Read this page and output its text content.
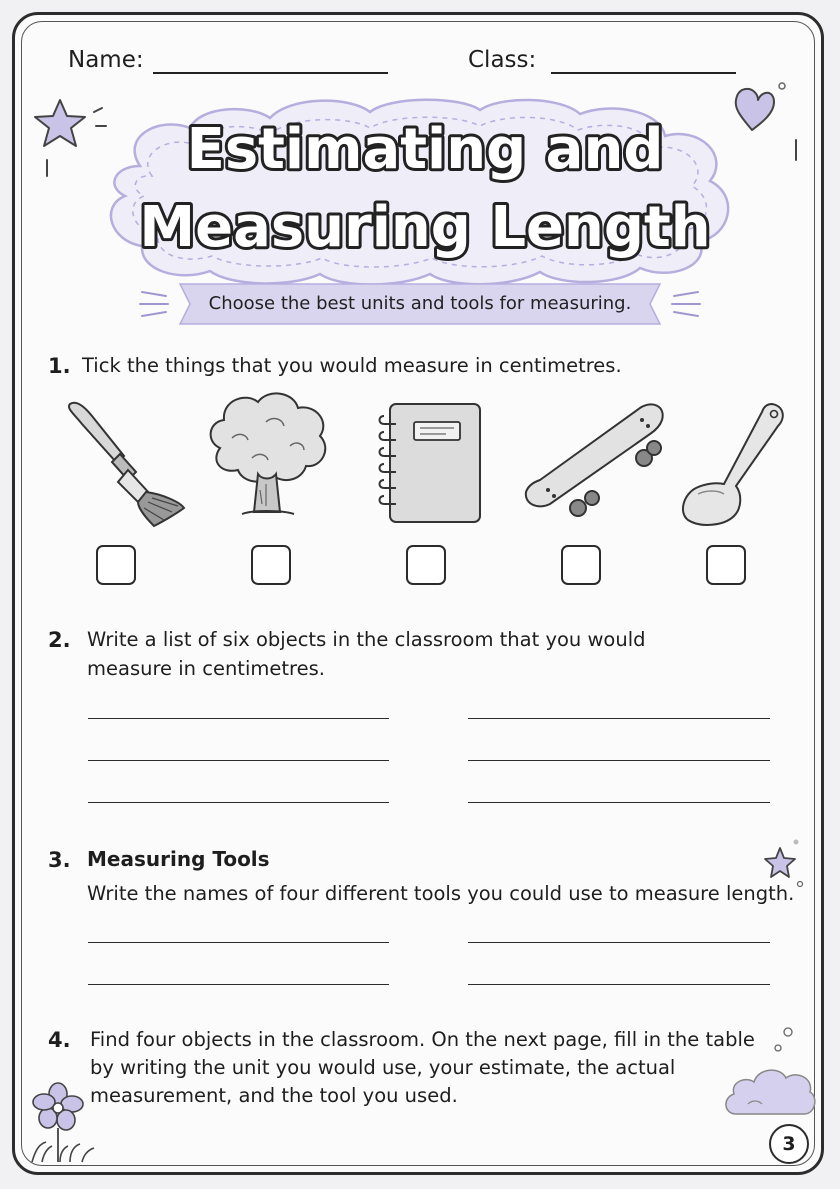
Name:	Class:
Estimating and
Measuring Length
Choose the best units and tools for measuring.
1. Tick the things that you would measure in centimetres.
2. Write a list of six objects in the classroom that you would
measure in centimetres.
3. Measuring Tools
Write the names of four different tools you could use to measure length.
4. Find four objects in the classroom. On the next page, fill in the table
by writing the unit you would use, your estimate, the actual
measurement, and the tool you used.
3
